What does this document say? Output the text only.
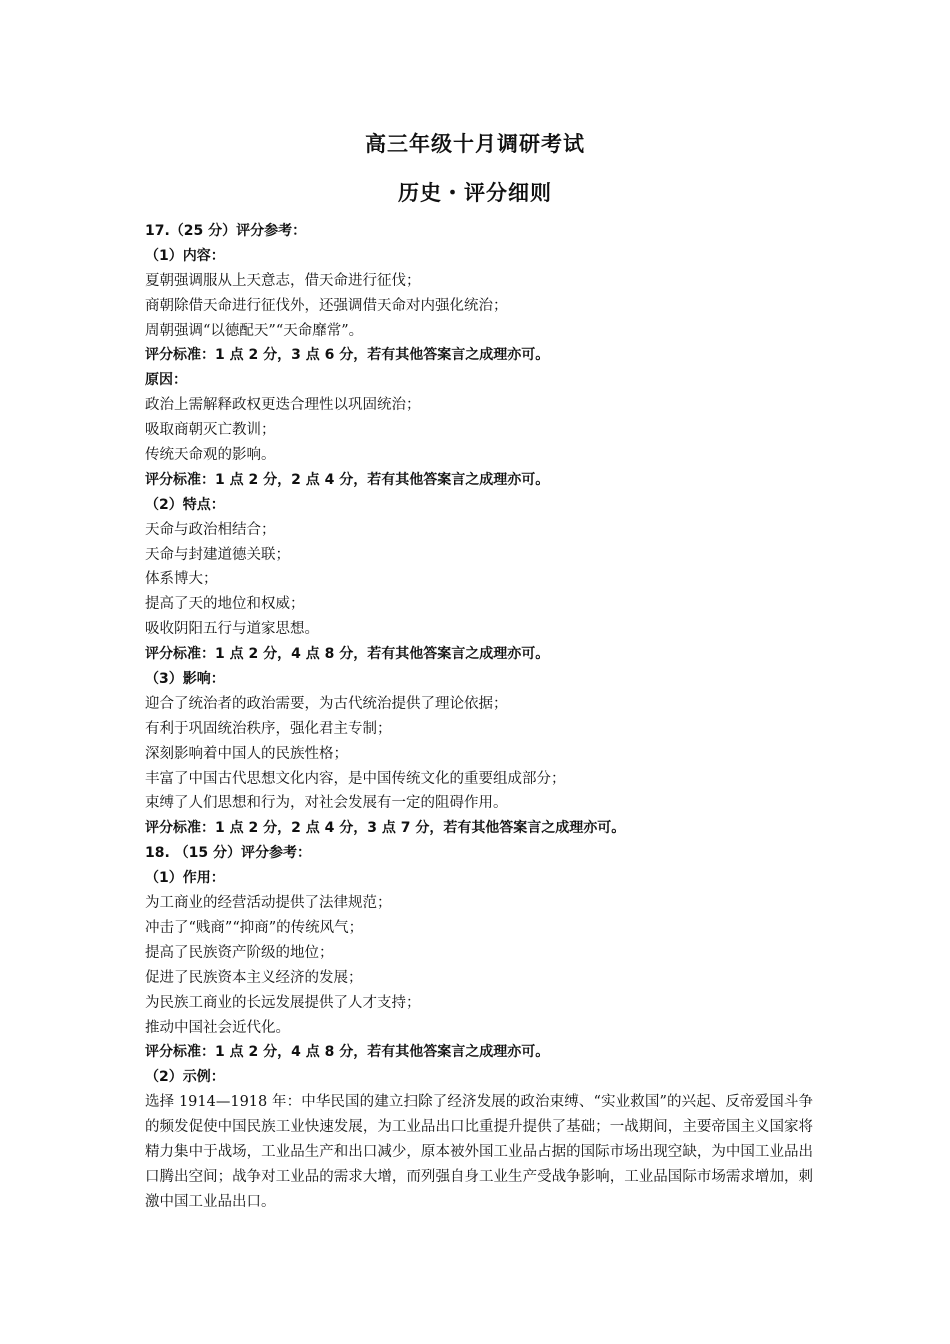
高三年级十月调研考试
历史・评分细则
17.（25 分）评分参考：
（1）内容：
夏朝强调服从上天意志，借天命进行征伐；
商朝除借天命进行征伐外，还强调借天命对内强化统治；
周朝强调“以德配天”“天命靡常”。
评分标准：1 点 2 分，3 点 6 分，若有其他答案言之成理亦可。
原因：
政治上需解释政权更迭合理性以巩固统治；
吸取商朝灭亡教训；
传统天命观的影响。
评分标准：1 点 2 分，2 点 4 分，若有其他答案言之成理亦可。
（2）特点：
天命与政治相结合；
天命与封建道德关联；
体系博大；
提高了天的地位和权威；
吸收阴阳五行与道家思想。
评分标准：1 点 2 分，4 点 8 分，若有其他答案言之成理亦可。
（3）影响：
迎合了统治者的政治需要，为古代统治提供了理论依据；
有利于巩固统治秩序，强化君主专制；
深刻影响着中国人的民族性格；
丰富了中国古代思想文化内容，是中国传统文化的重要组成部分；
束缚了人们思想和行为，对社会发展有一定的阻碍作用。
评分标准：1 点 2 分，2 点 4 分，3 点 7 分，若有其他答案言之成理亦可。
18. （15 分）评分参考：
（1）作用：
为工商业的经营活动提供了法律规范；
冲击了“贱商”“抑商”的传统风气；
提高了民族资产阶级的地位；
促进了民族资本主义经济的发展；
为民族工商业的长远发展提供了人才支持；
推动中国社会近代化。
评分标准：1 点 2 分，4 点 8 分，若有其他答案言之成理亦可。
（2）示例：
选择 1914—1918 年：中华民国的建立扫除了经济发展的政治束缚、“实业救国”的兴起、反帝爱国斗争的频发促使中国民族工业快速发展，为工业品出口比重提升提供了基础；一战期间，主要帝国主义国家将精力集中于战场，工业品生产和出口减少，原本被外国工业品占据的国际市场出现空缺，为中国工业品出口腾出空间；战争对工业品的需求大增，而列强自身工业生产受战争影响，工业品国际市场需求增加，刺激中国工业品出口。
